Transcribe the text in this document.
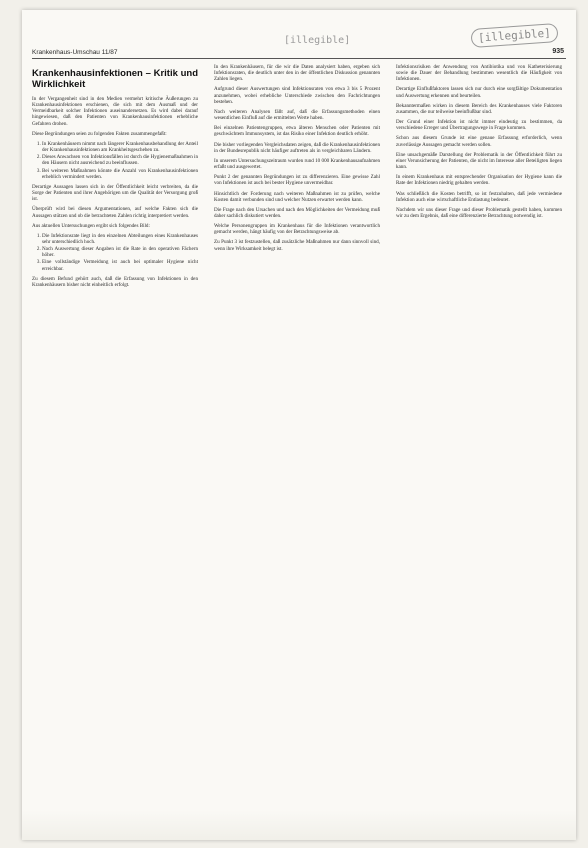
[illegible]
[illegible]
Krankenhaus-Umschau 11/87	935
Krankenhausinfektionen – Kritik und Wirklichkeit

In der Vergangenheit sind in den Medien vermehrt kritische Äußerungen zu Krankenhausinfektionen erschienen, die sich mit dem Ausmaß und der Vermeidbarkeit solcher Infektionen auseinandersetzen. Es wird dabei darauf hingewiesen, daß den Patienten von Krankenhausinfektionen erhebliche Gefahren drohen.

Diese Begründungen seien zu folgenden Fakten zusammengefaßt:

1. In Krankenhäusern nimmt nach längerer Krankenhausbehandlung der Anteil der Krankenhausinfektionen am Krankheitsgeschehen zu.
2. Dieses Anwachsen von Infektionsfällen ist durch die Hygienemaßnahmen in den Häusern nicht ausreichend zu beeinflussen.
3. Bei weiteren Maßnahmen könnte die Anzahl von Krankenhausinfektionen erheblich vermindert werden.

Derartige Aussagen lassen sich in der Öffentlichkeit leicht verbreiten, da die Sorge der Patienten und ihrer Angehörigen um die Qualität der Versorgung groß ist.

Überprüft wird bei diesen Argumentationen, auf welche Fakten sich die Aussagen stützen und ob die betrachteten Zahlen richtig interpretiert werden.

Aus aktuellen Untersuchungen ergibt sich folgendes Bild:

1. Die Infektionsrate liegt in den einzelnen Abteilungen eines Krankenhauses sehr unterschiedlich hoch.
2. Nach Auswertung dieser Angaben ist die Rate in den operativen Fächern höher.
3. Eine vollständige Vermeidung ist auch bei optimaler Hygiene nicht erreichbar.

Zu diesem Befund gehört auch, daß die Erfassung von Infektionen in den Krankenhäusern bisher nicht einheitlich erfolgt.

In den Krankenhäusern, für die wir die Daten analysiert haben, ergeben sich Infektionsraten, die deutlich unter den in der öffentlichen Diskussion genannten Zahlen liegen.

Aufgrund dieser Auswertungen sind Infektionsraten von etwa 3 bis 5 Prozent anzunehmen, wobei erhebliche Unterschiede zwischen den Fachrichtungen bestehen.

Nach weiteren Analysen fällt auf, daß die Erfassungsmethoden einen wesentlichen Einfluß auf die ermittelten Werte haben.

Bei einzelnen Patientengruppen, etwa älteren Menschen oder Patienten mit geschwächtem Immunsystem, ist das Risiko einer Infektion deutlich erhöht.

Die bisher vorliegenden Vergleichsdaten zeigen, daß die Krankenhausinfektionen in der Bundesrepublik nicht häufiger auftreten als in vergleichbaren Ländern.

In unserem Untersuchungszeitraum wurden rund 10 000 Krankenhausaufnahmen erfaßt und ausgewertet.

Punkt 2 der genannten Begründungen ist zu differenzieren. Eine gewisse Zahl von Infektionen ist auch bei bester Hygiene unvermeidbar.

Hinsichtlich der Forderung nach weiteren Maßnahmen ist zu prüfen, welche Kosten damit verbunden sind und welcher Nutzen erwartet werden kann.

Die Frage nach den Ursachen und nach den Möglichkeiten der Vermeidung muß daher sachlich diskutiert werden.

Welche Personengruppen im Krankenhaus für die Infektionen verantwortlich gemacht werden, hängt häufig von der Betrachtungsweise ab.

Zu Punkt 3 ist festzustellen, daß zusätzliche Maßnahmen nur dann sinnvoll sind, wenn ihre Wirksamkeit belegt ist.

Infektionsrisiken der Anwendung von Antibiotika und von Katheterisierung sowie die Dauer der Behandlung bestimmen wesentlich die Häufigkeit von Infektionen.

Derartige Einflußfaktoren lassen sich nur durch eine sorgfältige Dokumentation und Auswertung erkennen und beurteilen.

Bekanntermaßen wirken in diesem Bereich des Krankenhauses viele Faktoren zusammen, die nur teilweise beeinflußbar sind.

Der Grund einer Infektion ist nicht immer eindeutig zu bestimmen, da verschiedene Erreger und Übertragungswege in Frage kommen.

Schon aus diesem Grunde ist eine genaue Erfassung erforderlich, wenn zuverlässige Aussagen gemacht werden sollen.

Eine unsachgemäße Darstellung der Problematik in der Öffentlichkeit führt zu einer Verunsicherung der Patienten, die nicht im Interesse aller Beteiligten liegen kann.

In einem Krankenhaus mit entsprechender Organisation der Hygiene kann die Rate der Infektionen niedrig gehalten werden.

Was schließlich die Kosten betrifft, so ist festzuhalten, daß jede vermiedene Infektion auch eine wirtschaftliche Entlastung bedeutet.

Nachdem wir uns dieser Frage und dieser Problematik gestellt haben, kommen wir zu dem Ergebnis, daß eine differenzierte Betrachtung notwendig ist.
